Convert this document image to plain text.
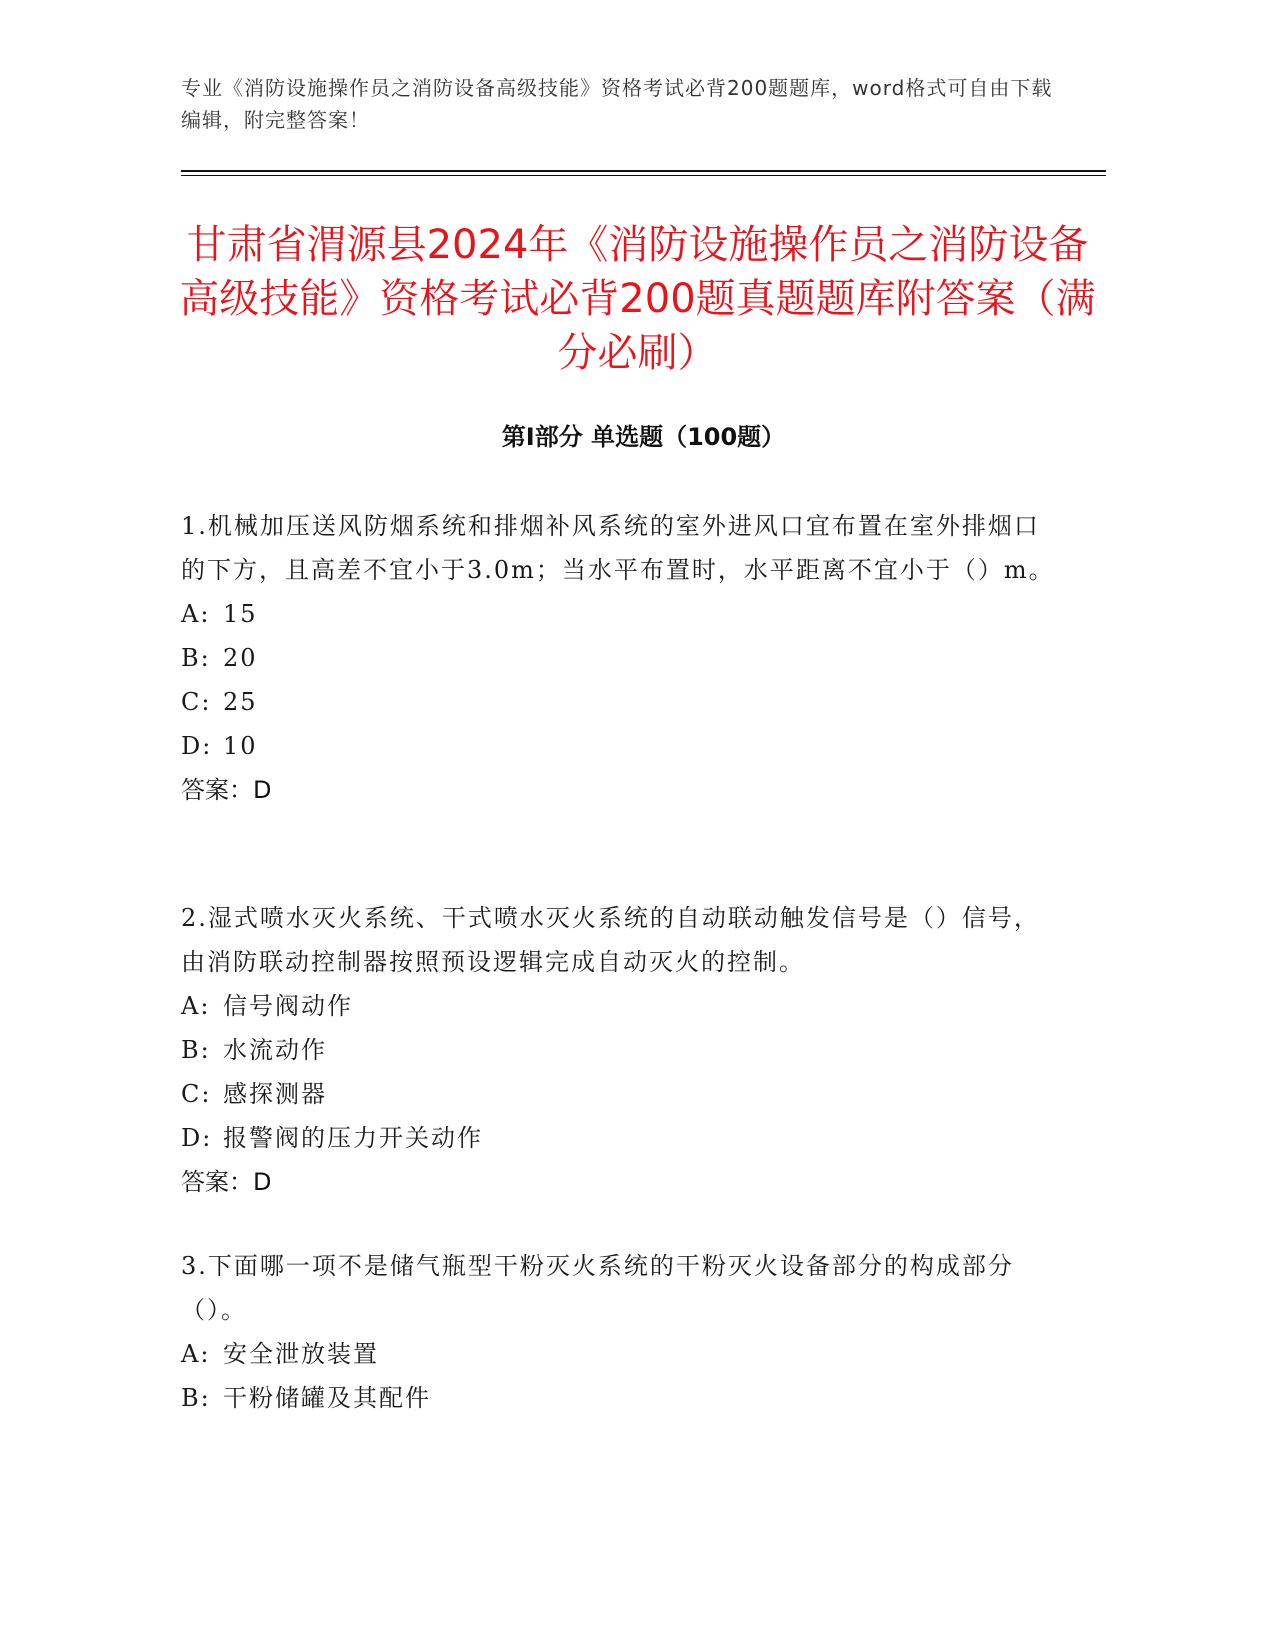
专业《消防设施操作员之消防设备高级技能》资格考试必背200题题库，word格式可自由下载编辑，附完整答案！
甘肃省渭源县2024年《消防设施操作员之消防设备高级技能》资格考试必背200题真题题库附答案（满分必刷）
第Ⅰ部分 单选题（100题）

1.机械加压送风防烟系统和排烟补风系统的室外进风口宜布置在室外排烟口的下方，且高差不宜小于3.0m；当水平布置时，水平距离不宜小于（）m。

A: 15

B: 20

C: 25

D: 10

答案：D

2.湿式喷水灭火系统、干式喷水灭火系统的自动联动触发信号是（）信号，由消防联动控制器按照预设逻辑完成自动灭火的控制。

A: 信号阀动作

B: 水流动作

C: 感探测器

D: 报警阀的压力开关动作

答案：D

3.下面哪一项不是储气瓶型干粉灭火系统的干粉灭火设备部分的构成部分（）。

A: 安全泄放装置

B: 干粉储罐及其配件
